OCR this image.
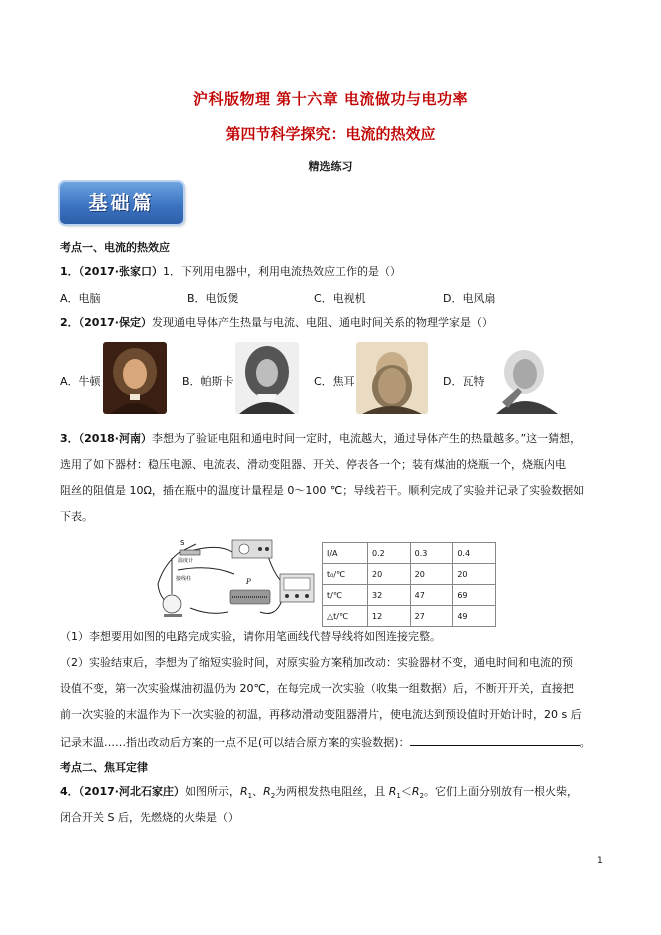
沪科版物理 第十六章 电流做功与电功率
第四节科学探究：电流的热效应
精选练习
基础篇
考点一、电流的热效应
1．（2017·张家口）1．下列用电器中，利用电流热效应工作的是（）
A．电脑	B．电饭煲	C．电视机	D．电风扇
2．（2017·保定）发现通电导体产生热量与电流、电阻、通电时间关系的物理学家是（）
A．牛顿	B．帕斯卡	C．焦耳	D．瓦特
3．（2018·河南）李想为了验证电阻和通电时间一定时，电流越大，通过导体产生的热量越多。”这一猜想，
选用了如下器材：稳压电源、电流表、滑动变阻器、开关、停表各一个；装有煤油的烧瓶一个，烧瓶内电
阻丝的阻值是 10Ω，插在瓶中的温度计量程是 0～100 ℃；导线若干。顺利完成了实验并记录了实验数据如
下表。
S
温度计
接线柱	P
I/A	0.2	0.3	0.4
t₀/℃	20	20	20
t/℃	32	47	69
△t/℃	12	27	49
（1）李想要用如图的电路完成实验，请你用笔画线代替导线将如图连接完整。
（2）实验结束后，李想为了缩短实验时间，对原实验方案稍加改动：实验器材不变，通电时间和电流的预
设值不变，第一次实验煤油初温仍为 20℃，在每完成一次实验（收集一组数据）后，不断开开关，直接把
前一次实验的末温作为下一次实验的初温，再移动滑动变阻器滑片，使电流达到预设值时开始计时，20 s 后
记录末温……指出改动后方案的一点不足(可以结合原方案的实验数据)：	。
考点二、焦耳定律
4．（2017·河北石家庄）如图所示，$R_1$、$R_2$为两根发热电阻丝，且 $R_1<R_2$。它们上面分别放有一根火柴，
闭合开关 S 后，先燃烧的火柴是（）
1
